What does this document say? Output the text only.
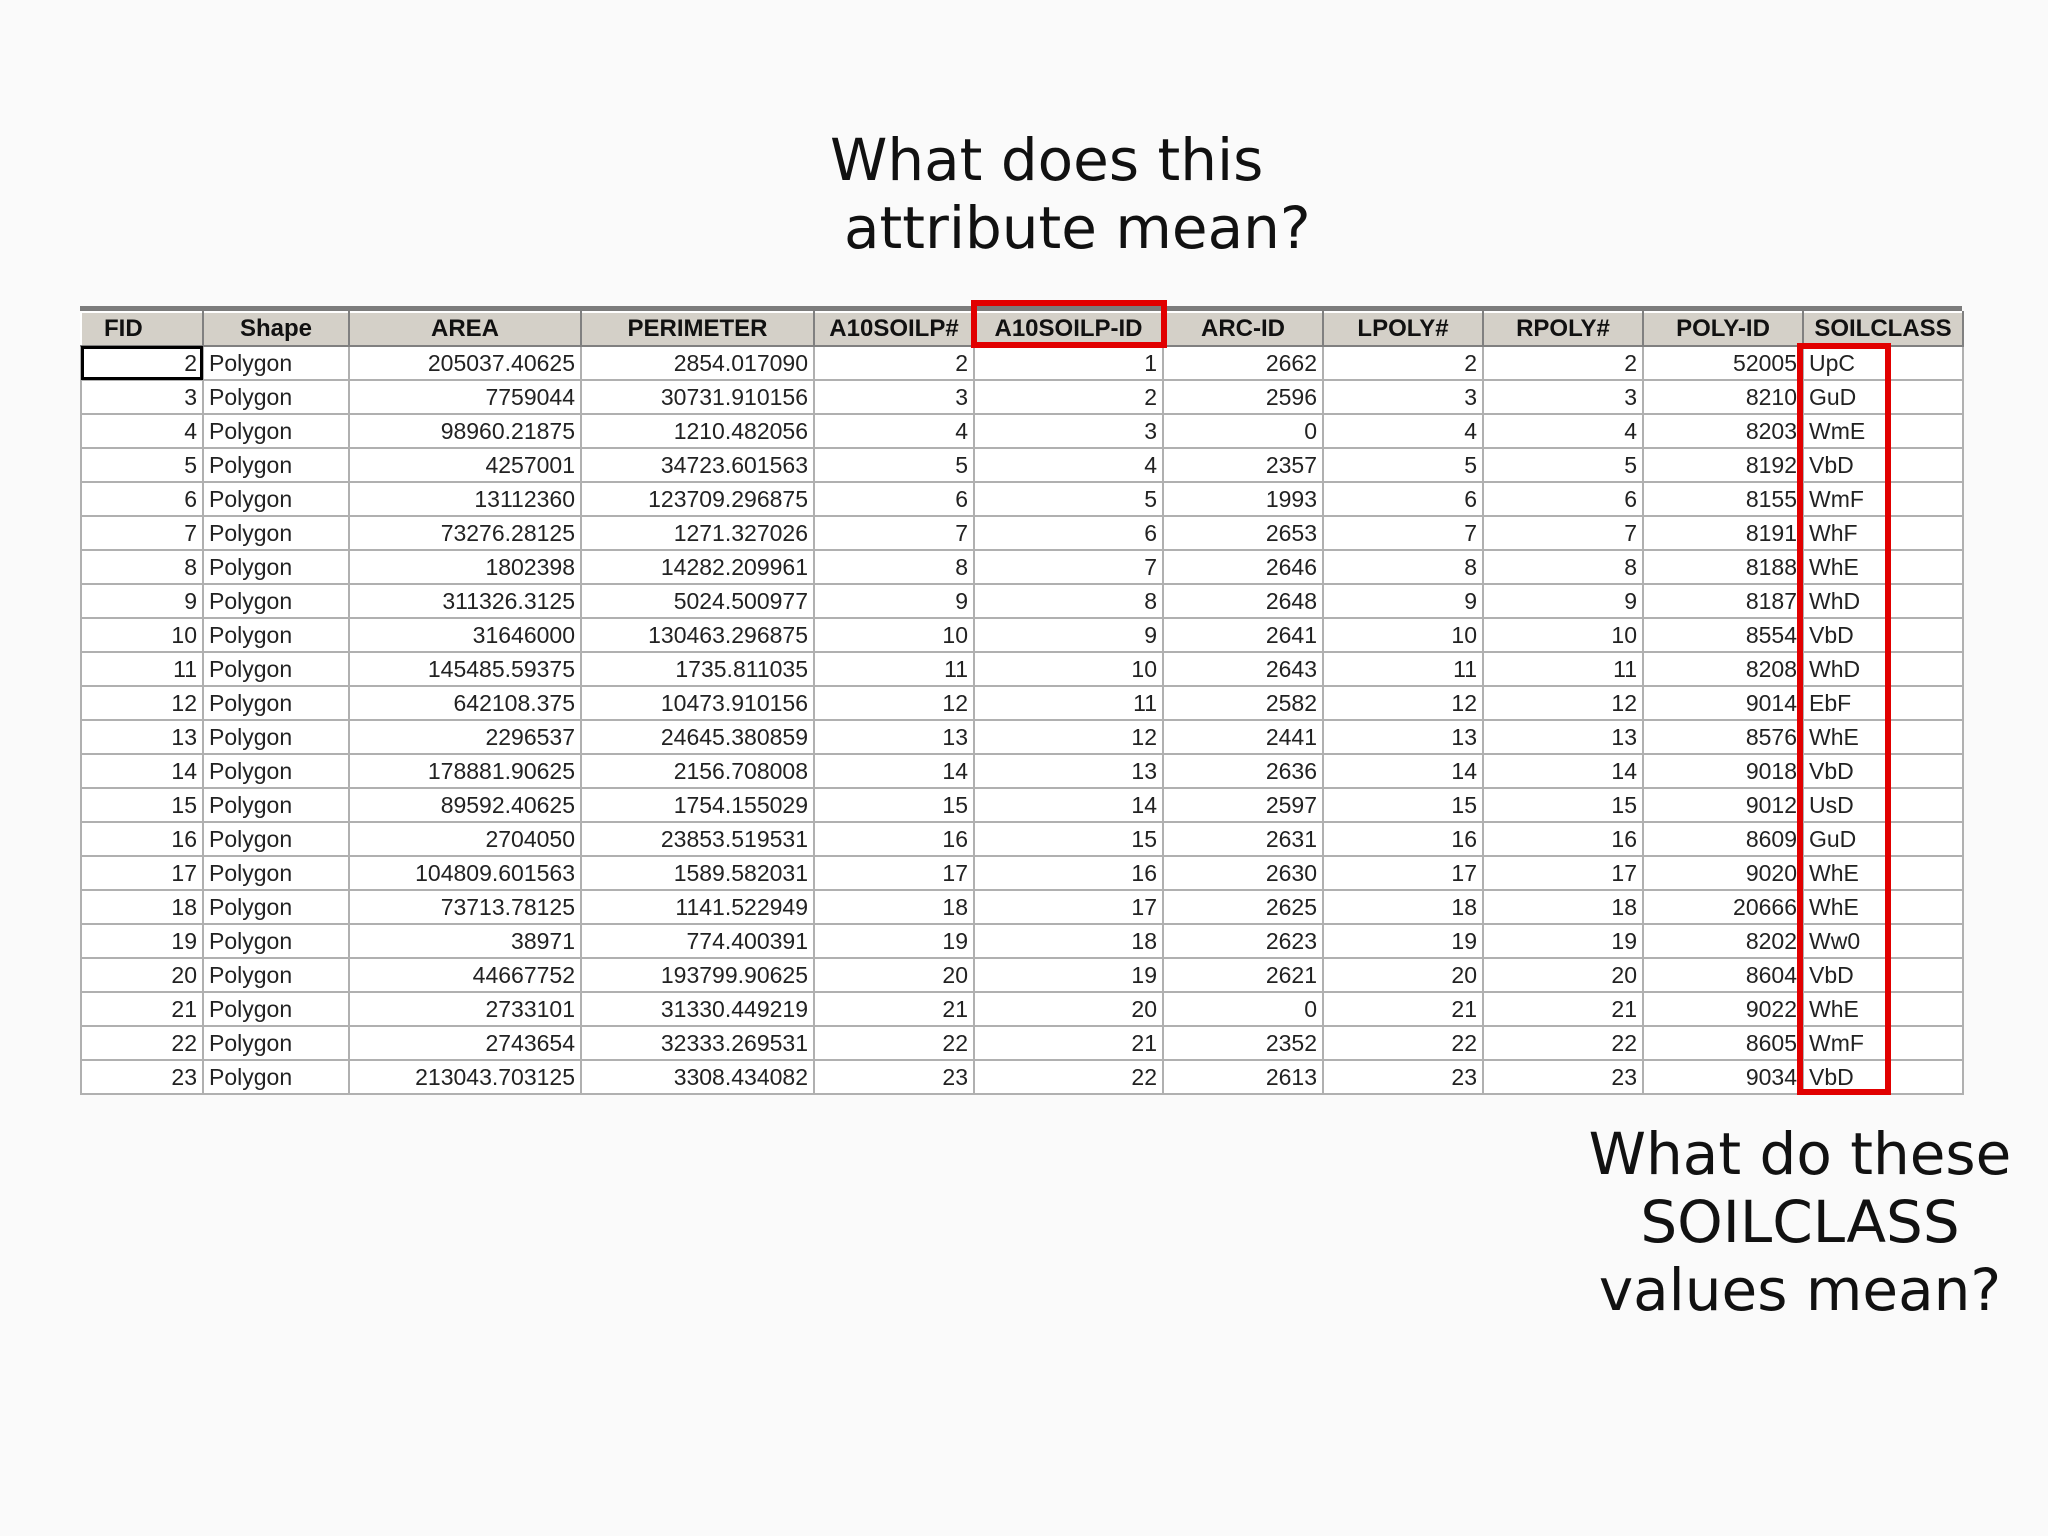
What does this
attribute mean?
FID	Shape	AREA	PERIMETER	A10SOILP#	A10SOILP-ID	ARC-ID	LPOLY#	RPOLY#	POLY-ID	SOILCLASS
2	Polygon	205037.40625	2854.017090	2	1	2662	2	2	52005	UpC
3	Polygon	7759044	30731.910156	3	2	2596	3	3	8210	GuD
4	Polygon	98960.21875	1210.482056	4	3	0	4	4	8203	WmE
5	Polygon	4257001	34723.601563	5	4	2357	5	5	8192	VbD
6	Polygon	13112360	123709.296875	6	5	1993	6	6	8155	WmF
7	Polygon	73276.28125	1271.327026	7	6	2653	7	7	8191	WhF
8	Polygon	1802398	14282.209961	8	7	2646	8	8	8188	WhE
9	Polygon	311326.3125	5024.500977	9	8	2648	9	9	8187	WhD
10	Polygon	31646000	130463.296875	10	9	2641	10	10	8554	VbD
11	Polygon	145485.59375	1735.811035	11	10	2643	11	11	8208	WhD
12	Polygon	642108.375	10473.910156	12	11	2582	12	12	9014	EbF
13	Polygon	2296537	24645.380859	13	12	2441	13	13	8576	WhE
14	Polygon	178881.90625	2156.708008	14	13	2636	14	14	9018	VbD
15	Polygon	89592.40625	1754.155029	15	14	2597	15	15	9012	UsD
16	Polygon	2704050	23853.519531	16	15	2631	16	16	8609	GuD
17	Polygon	104809.601563	1589.582031	17	16	2630	17	17	9020	WhE
18	Polygon	73713.78125	1141.522949	18	17	2625	18	18	20666	WhE
19	Polygon	38971	774.400391	19	18	2623	19	19	8202	Ww0
20	Polygon	44667752	193799.90625	20	19	2621	20	20	8604	VbD
21	Polygon	2733101	31330.449219	21	20	0	21	21	9022	WhE
22	Polygon	2743654	32333.269531	22	21	2352	22	22	8605	WmF
23	Polygon	213043.703125	3308.434082	23	22	2613	23	23	9034	VbD
What do these
SOILCLASS
values mean?
